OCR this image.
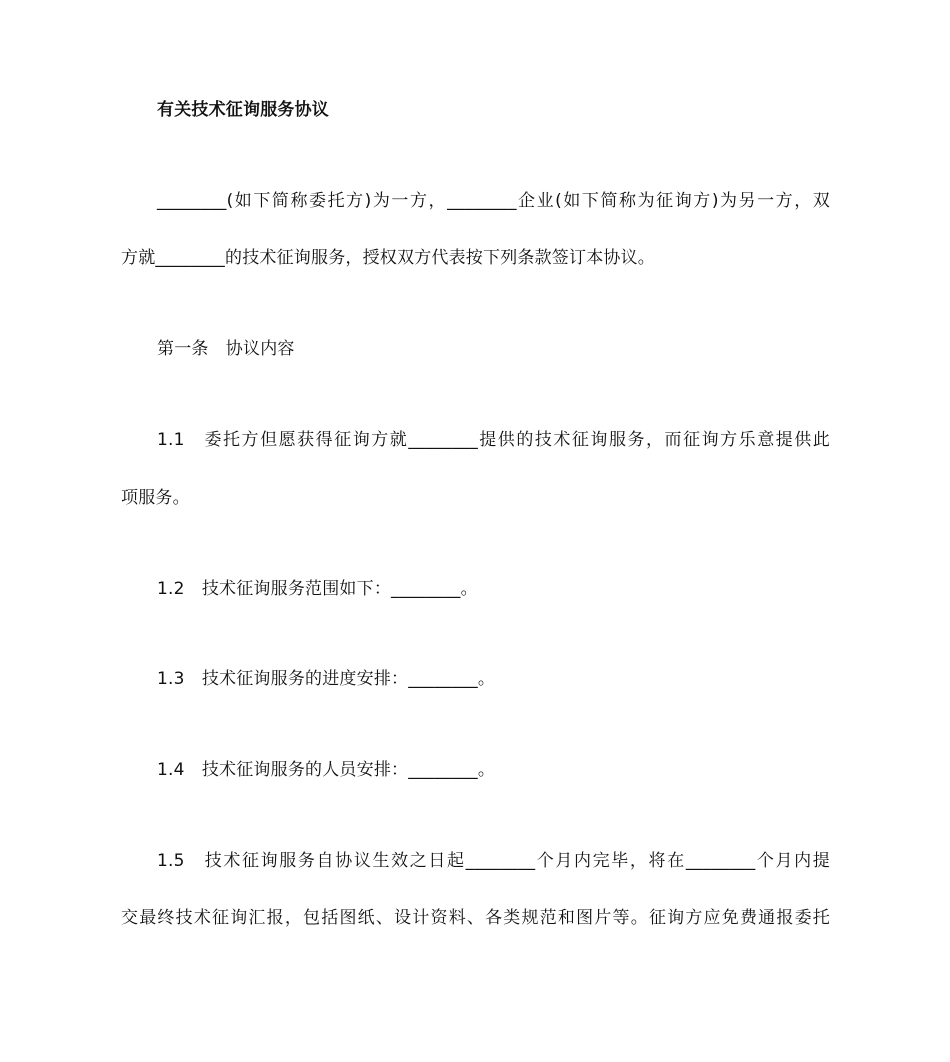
有关技术征询服务协议
________(如下简称委托方)为一方，________企业(如下简称为征询方)为另一方，双
方就________的技术征询服务，授权双方代表按下列条款签订本协议。
第一条　协议内容
1.1　委托方但愿获得征询方就________提供的技术征询服务，而征询方乐意提供此
项服务。
1.2　技术征询服务范围如下：________。
1.3　技术征询服务的进度安排：________。
1.4　技术征询服务的人员安排：________。
1.5　技术征询服务自协议生效之日起________个月内完毕，将在________个月内提
交最终技术征询汇报，包括图纸、设计资料、各类规范和图片等。征询方应免费通报委托
